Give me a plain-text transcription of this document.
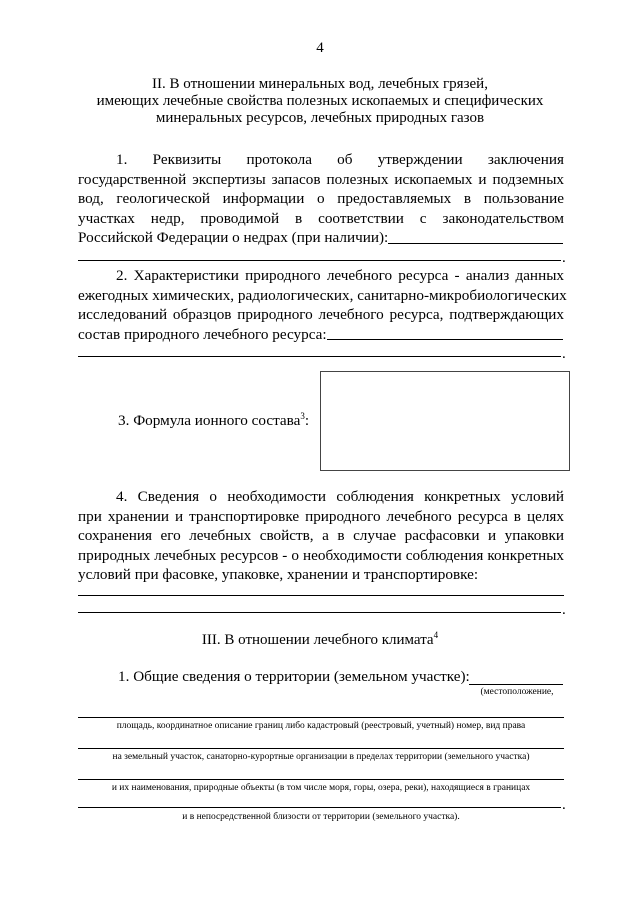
4
II. В отношении минеральных вод, лечебных грязей,
имеющих лечебные свойства полезных ископаемых и специфических
минеральных ресурсов, лечебных природных газов
1. Реквизиты протокола об утверждении заключения
государственной экспертизы запасов полезных ископаемых и подземных
вод, геологической информации о предоставляемых в пользование
участках недр, проводимой в соответствии с законодательством
Российской Федерации о недрах (при наличии):
.
2. Характеристики природного лечебного ресурса - анализ данных
ежегодных химических, радиологических, санитарно-микробиологических
исследований образцов природного лечебного ресурса, подтверждающих
состав природного лечебного ресурса:
.
3. Формула ионного состава$^3$:
4. Сведения о необходимости соблюдения конкретных условий
при хранении и транспортировке природного лечебного ресурса в целях
сохранения его лечебных свойств, а в случае расфасовки и упаковки
природных лечебных ресурсов - о необходимости соблюдения конкретных
условий при фасовке, упаковке, хранении и транспортировке:
.
III. В отношении лечебного климата$^4$
1. Общие сведения о территории (земельном участке):
(местоположение,
площадь, координатное описание границ либо кадастровый (реестровый, учетный) номер, вид права
на земельный участок, санаторно-курортные организации в пределах территории (земельного участка)
и их наименования, природные объекты (в том числе моря, горы, озера, реки), находящиеся в границах
.
и в непосредственной близости от территории (земельного участка).
